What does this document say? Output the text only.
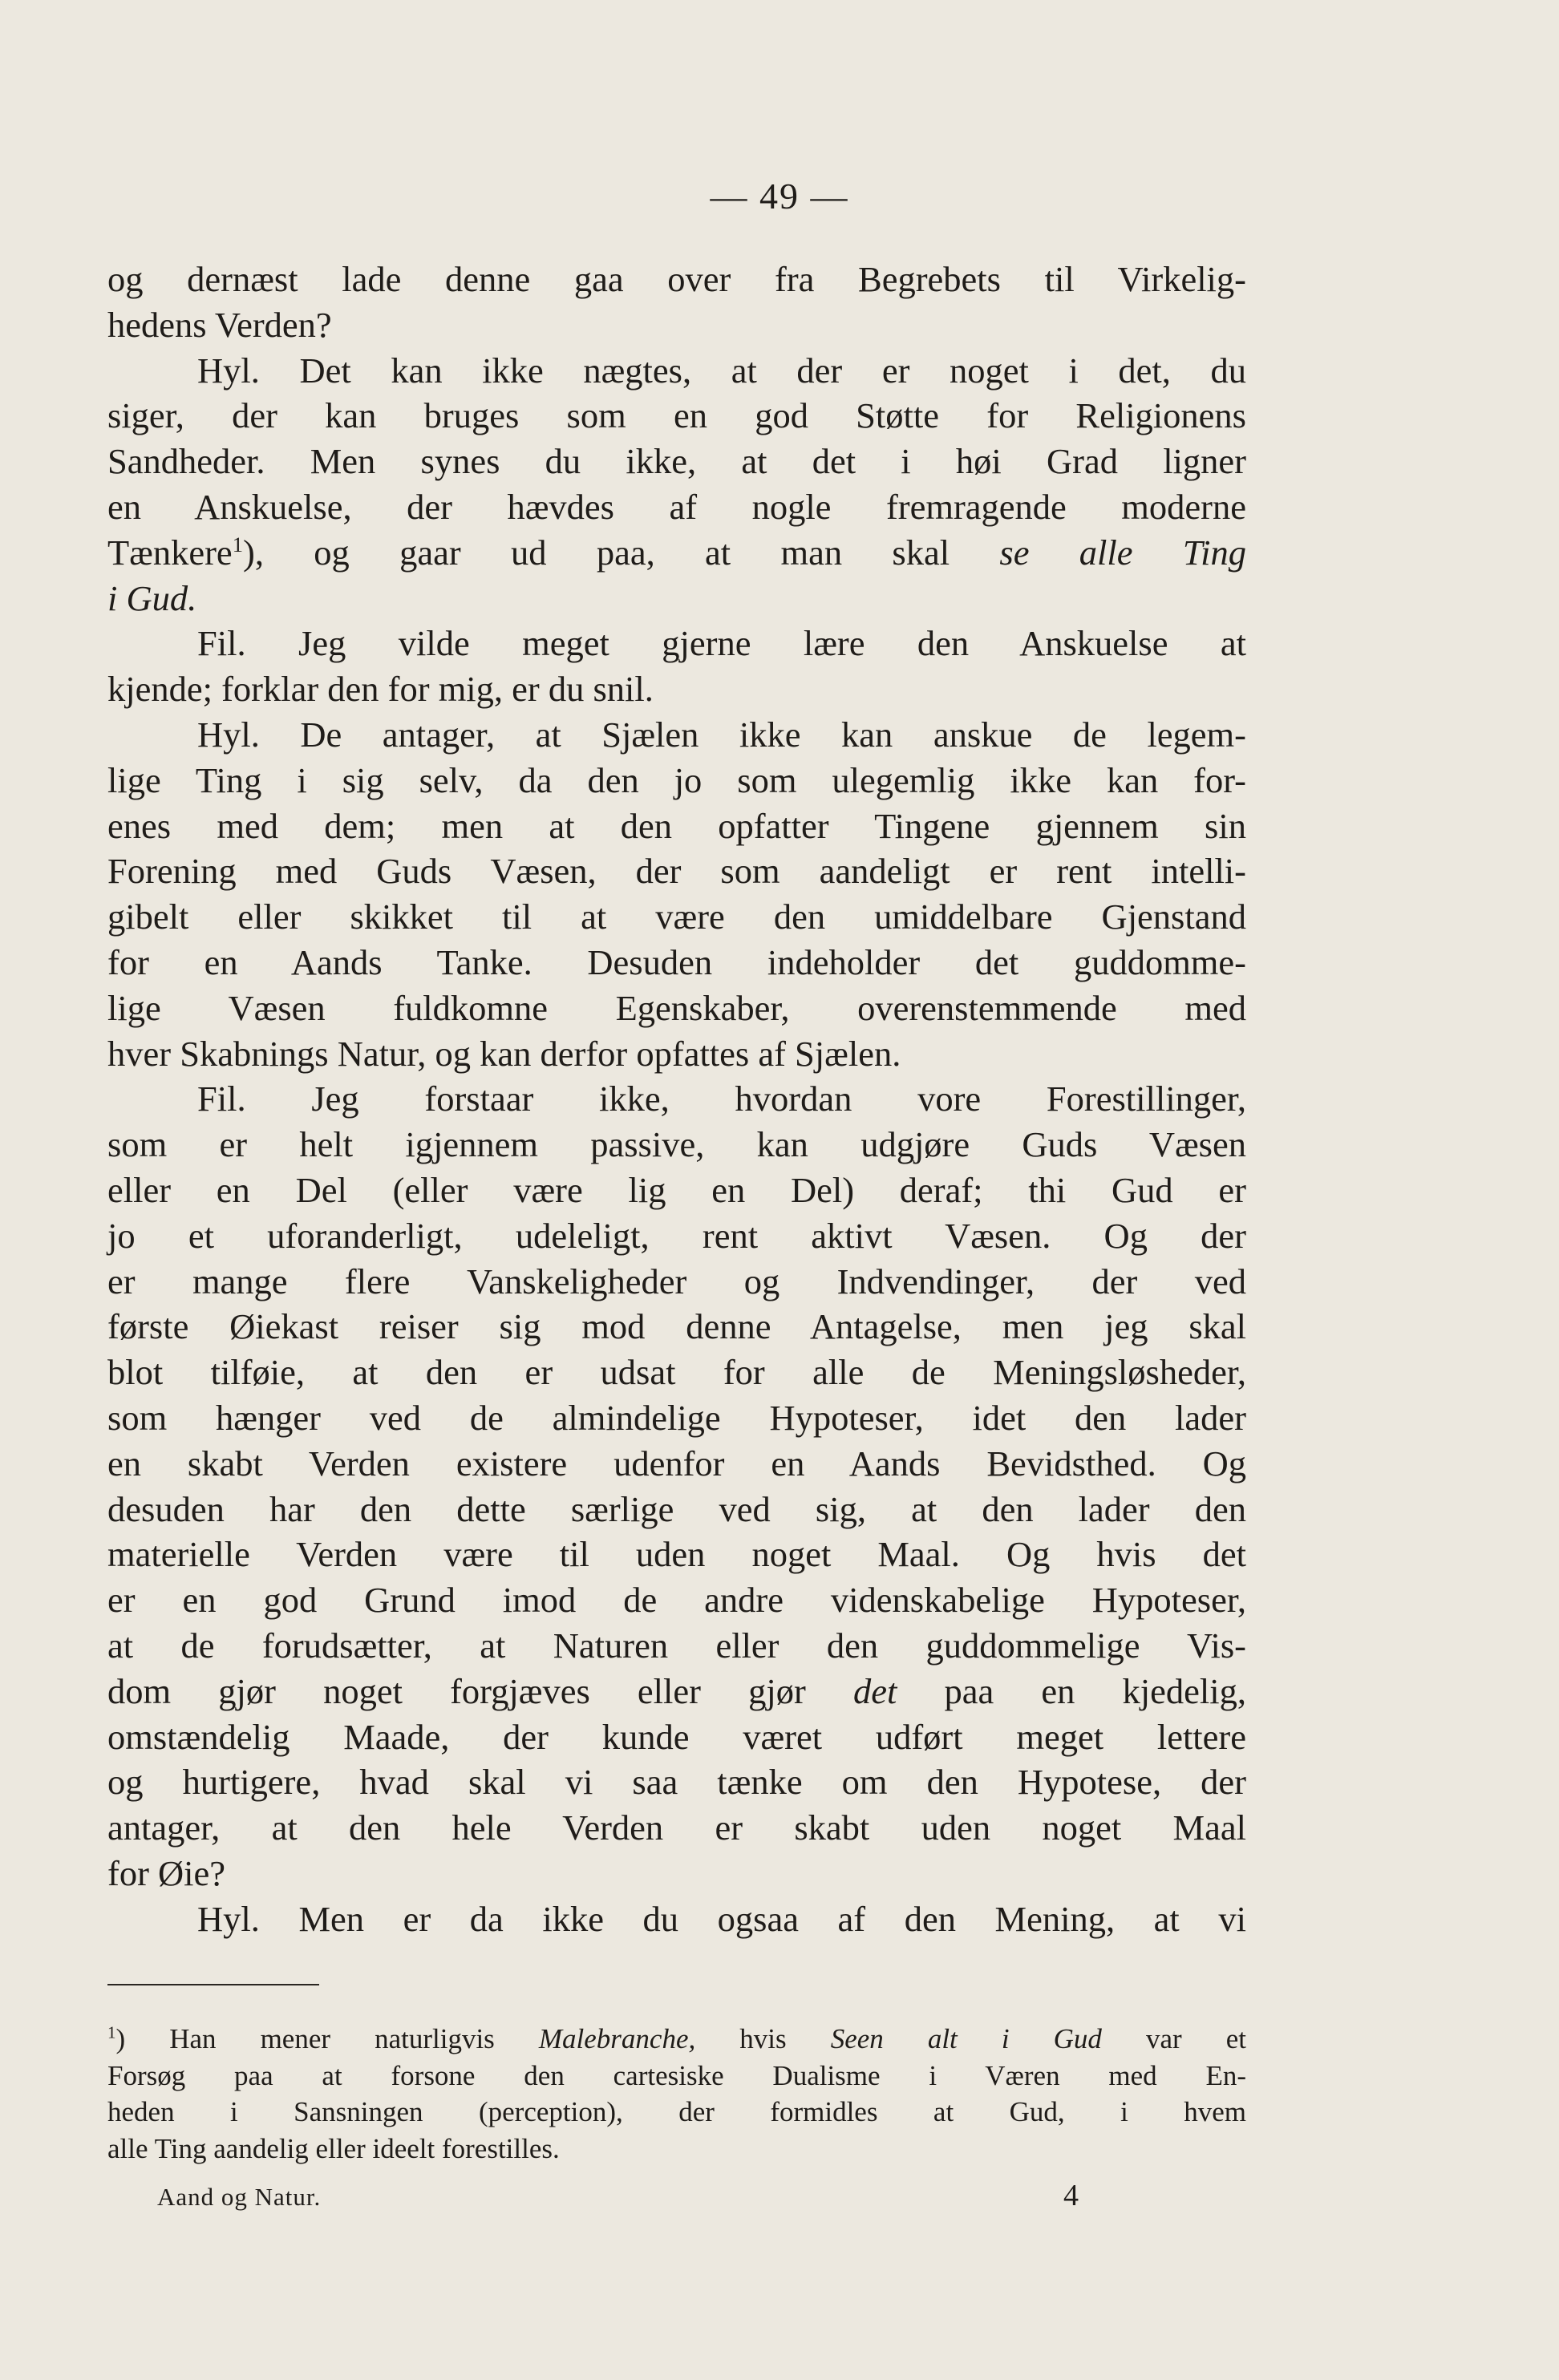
— 49 —
og dernæst lade denne gaa over fra Begrebets til Virkelig-
hedens Verden?
Hyl. Det kan ikke nægtes, at der er noget i det, du
siger, der kan bruges som en god Støtte for Religionens
Sandheder. Men synes du ikke, at det i høi Grad ligner
en Anskuelse, der hævdes af nogle fremragende moderne
Tænkere$^1$), og gaar ud paa, at man skal se alle Ting
i Gud.
Fil. Jeg vilde meget gjerne lære den Anskuelse at
kjende; forklar den for mig, er du snil.
Hyl. De antager, at Sjælen ikke kan anskue de legem-
lige Ting i sig selv, da den jo som ulegemlig ikke kan for-
enes med dem; men at den opfatter Tingene gjennem sin
Forening med Guds Væsen, der som aandeligt er rent intelli-
gibelt eller skikket til at være den umiddelbare Gjenstand
for en Aands Tanke. Desuden indeholder det guddomme-
lige Væsen fuldkomne Egenskaber, overenstemmende med
hver Skabnings Natur, og kan derfor opfattes af Sjælen.
Fil. Jeg forstaar ikke, hvordan vore Forestillinger,
som er helt igjennem passive, kan udgjøre Guds Væsen
eller en Del (eller være lig en Del) deraf; thi Gud er
jo et uforanderligt, udeleligt, rent aktivt Væsen. Og der
er mange flere Vanskeligheder og Indvendinger, der ved
første Øiekast reiser sig mod denne Antagelse, men jeg skal
blot tilføie, at den er udsat for alle de Meningsløsheder,
som hænger ved de almindelige Hypoteser, idet den lader
en skabt Verden existere udenfor en Aands Bevidsthed. Og
desuden har den dette særlige ved sig, at den lader den
materielle Verden være til uden noget Maal. Og hvis det
er en god Grund imod de andre videnskabelige Hypoteser,
at de forudsætter, at Naturen eller den guddommelige Vis-
dom gjør noget forgjæves eller gjør det paa en kjedelig,
omstændelig Maade, der kunde været udført meget lettere
og hurtigere, hvad skal vi saa tænke om den Hypotese, der
antager, at den hele Verden er skabt uden noget Maal
for Øie?
Hyl. Men er da ikke du ogsaa af den Mening, at vi
$^1$) Han mener naturligvis Malebranche, hvis Seen alt i Gud var et
Forsøg paa at forsone den cartesiske Dualisme i Væren med En-
heden i Sansningen (perception), der formidles at Gud, i hvem
alle Ting aandelig eller ideelt forestilles.
Aand og Natur.	4
